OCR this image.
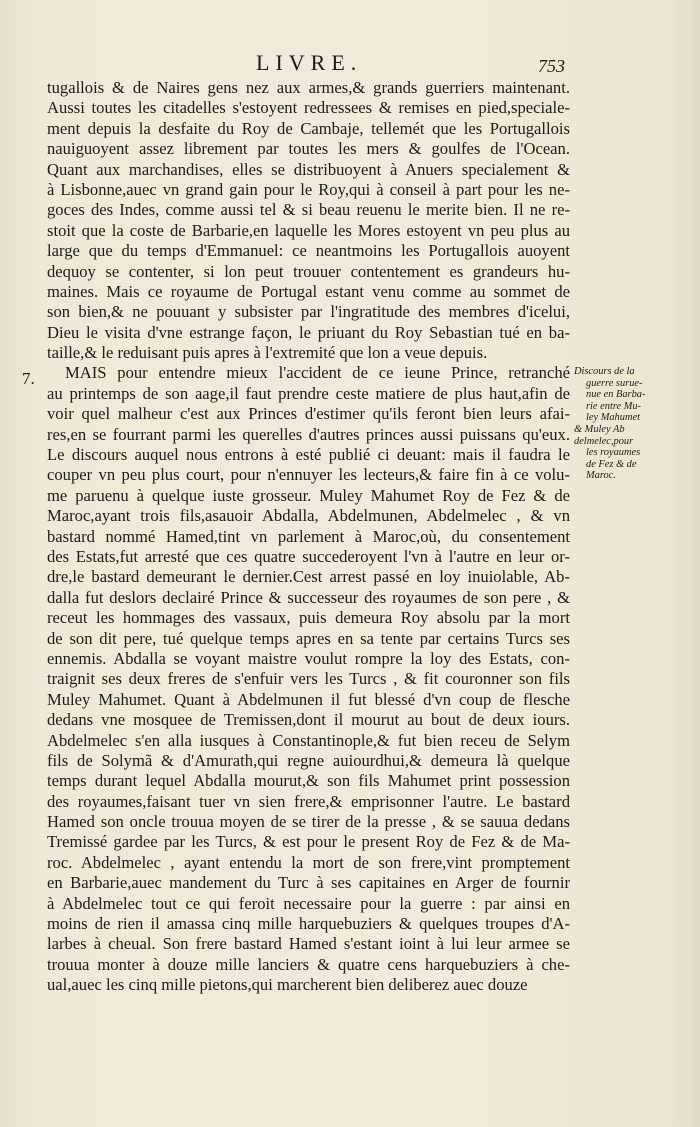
LIVRE.	753
7.
tugallois & de Naires gens nez aux armes,& grands guerriers maintenant.
Aussi toutes les citadelles s'estoyent redressees & remises en pied,speciale-
ment depuis la desfaite du Roy de Cambaje, tellemét que les Portugallois
nauiguoyent assez librement par toutes les mers & goulfes de l'Ocean.
Quant aux marchandises, elles se distribuoyent à Anuers specialement &
à Lisbonne,auec vn grand gain pour le Roy,qui à conseil à part pour les ne-
goces des Indes, comme aussi tel & si beau reuenu le merite bien. Il ne re-
stoit que la coste de Barbarie,en laquelle les Mores estoyent vn peu plus au
large que du temps d'Emmanuel: ce neantmoins les Portugallois auoyent
dequoy se contenter, si lon peut trouuer contentement es grandeurs hu-
maines. Mais ce royaume de Portugal estant venu comme au sommet de
son bien,& ne pouuant y subsister par l'ingratitude des membres d'icelui,
Dieu le visita d'vne estrange façon, le priuant du Roy Sebastian tué en ba-
taille,& le reduisant puis apres à l'extremité que lon a veue depuis.
MAIS pour entendre mieux l'accident de ce ieune Prince, retranché
au printemps de son aage,il faut prendre ceste matiere de plus haut,afin de
voir quel malheur c'est aux Princes d'estimer qu'ils feront bien leurs afai-
res,en se fourrant parmi les querelles d'autres princes aussi puissans qu'eux.
Le discours auquel nous entrons à esté publié ci deuant: mais il faudra le
couper vn peu plus court, pour n'ennuyer les lecteurs,& faire fin à ce volu-
me paruenu à quelque iuste grosseur. Muley Mahumet Roy de Fez & de
Maroc,ayant trois fils,asauoir Abdalla, Abdelmunen, Abdelmelec , & vn
bastard nommé Hamed,tint vn parlement à Maroc,où, du consentement
des Estats,fut arresté que ces quatre succederoyent l'vn à l'autre en leur or-
dre,le bastard demeurant le dernier.Cest arrest passé en loy inuiolable, Ab-
dalla fut deslors declairé Prince & successeur des royaumes de son pere , &
receut les hommages des vassaux, puis demeura Roy absolu par la mort
de son dit pere, tué quelque temps apres en sa tente par certains Turcs ses
ennemis. Abdalla se voyant maistre voulut rompre la loy des Estats, con-
traignit ses deux freres de s'enfuir vers les Turcs , & fit couronner son fils
Muley Mahumet. Quant à Abdelmunen il fut blessé d'vn coup de flesche
dedans vne mosquee de Tremissen,dont il mourut au bout de deux iours.
Abdelmelec s'en alla iusques à Constantinople,& fut bien receu de Selym
fils de Solymã & d'Amurath,qui regne auiourdhui,& demeura là quelque
temps durant lequel Abdalla mourut,& son fils Mahumet print possession
des royaumes,faisant tuer vn sien frere,& emprisonner l'autre. Le bastard
Hamed son oncle trouua moyen de se tirer de la presse , & se sauua dedans
Tremissé gardee par les Turcs, & est pour le present Roy de Fez & de Ma-
roc. Abdelmelec , ayant entendu la mort de son frere,vint promptement
en Barbarie,auec mandement du Turc à ses capitaines en Arger de fournir
à Abdelmelec tout ce qui feroit necessaire pour la guerre : par ainsi en
moins de rien il amassa cinq mille harquebuziers & quelques troupes d'A-
larbes à cheual. Son frere bastard Hamed s'estant ioint à lui leur armee se
trouua monter à douze mille lanciers & quatre cens harquebuziers à che-
ual,auec les cinq mille pietons,qui marcherent bien deliberez auec douze
Discours de la
guerre surue-
nue en Barba-
rie entre Mu-
ley Mahumet
& Muley Ab
delmelec,pour
les royaumes
de Fez & de
Maroc.
